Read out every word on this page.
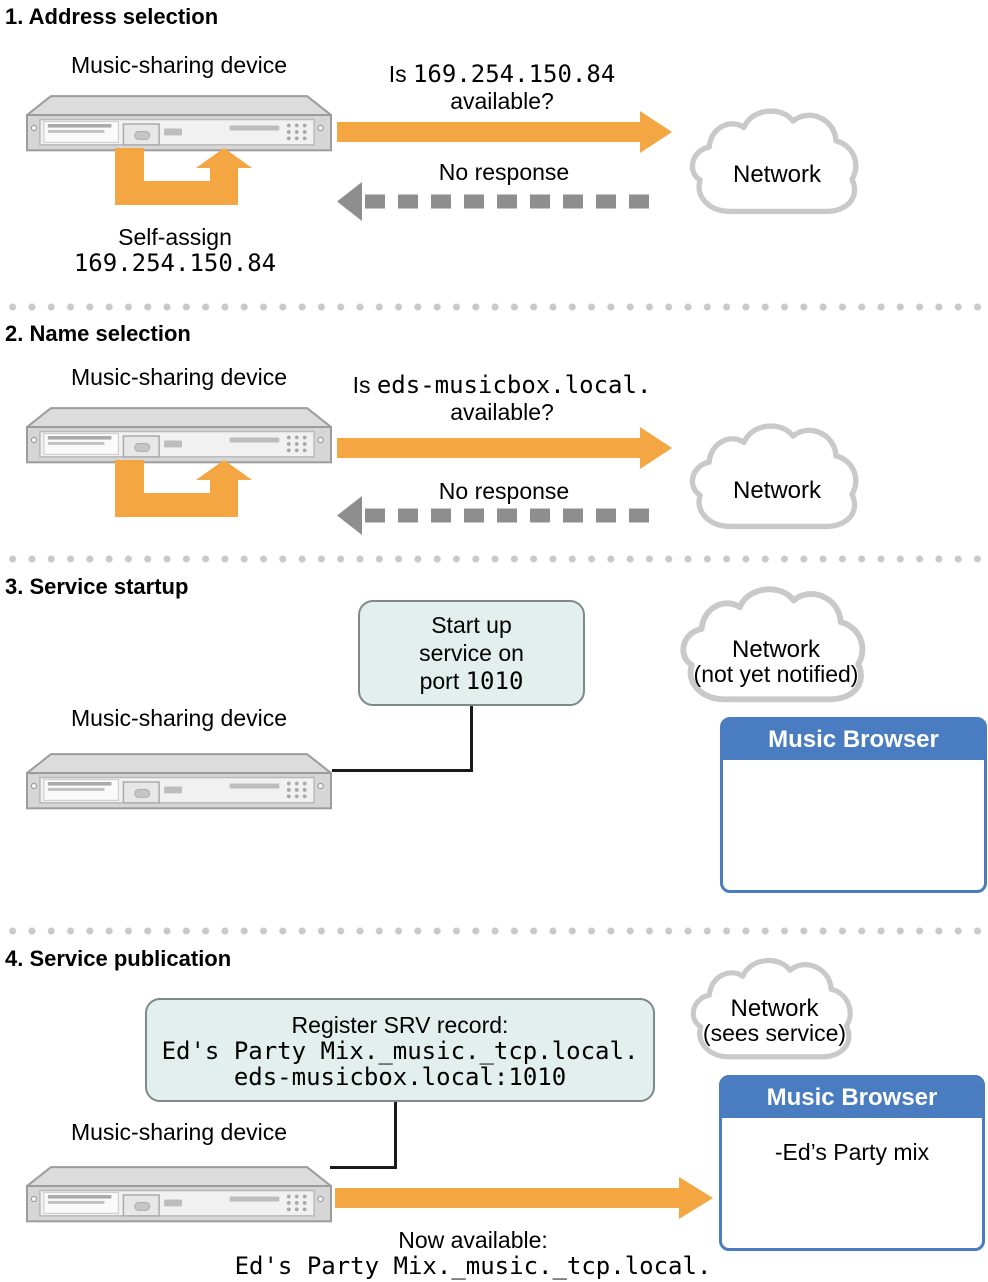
1. Address selection
Music-sharing device
Self-assign
169.254.150.84
Is 169.254.150.84
available?
No response	Network
2. Name selection
Music-sharing device	Is eds-musicbox.local.
available?
No response	Network
3. Service startup
Start up
service on
port 1010
Network
(not yet notified)
Music-sharing device
Music Browser
4. Service publication
Register SRV record:
Ed's Party Mix._music._tcp.local.
eds-musicbox.local:1010
Network
(sees service)
Music Browser
-Ed’s Party mix
Music-sharing device
Now available:
Ed's Party Mix._music._tcp.local.
